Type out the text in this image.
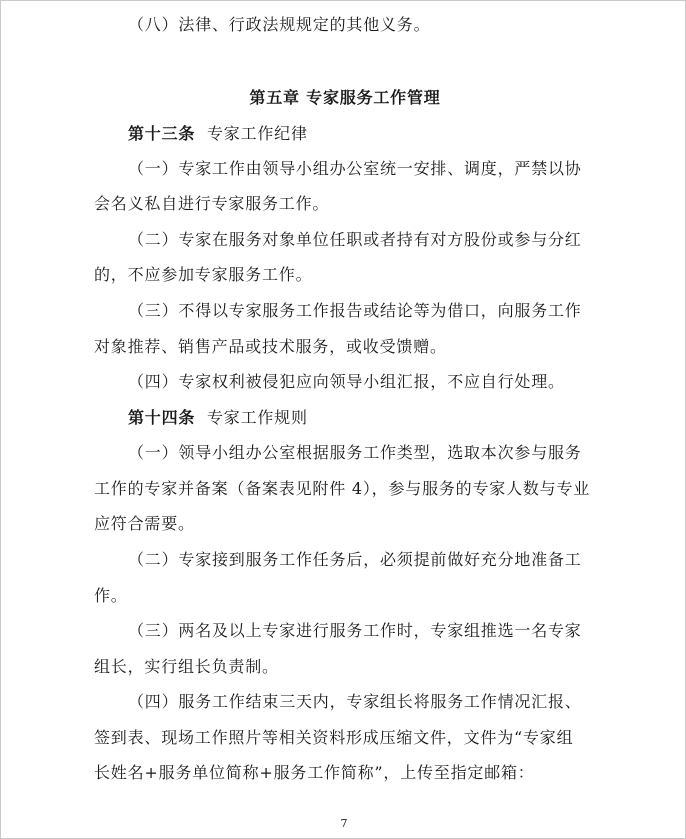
（八）法律、行政法规规定的其他义务。
第五章 专家服务工作管理
第十三条 专家工作纪律
（一）专家工作由领导小组办公室统一安排、调度，严禁以协
会名义私自进行专家服务工作。
（二）专家在服务对象单位任职或者持有对方股份或参与分红
的，不应参加专家服务工作。
（三）不得以专家服务工作报告或结论等为借口，向服务工作
对象推荐、销售产品或技术服务，或收受馈赠。
（四）专家权利被侵犯应向领导小组汇报，不应自行处理。
第十四条 专家工作规则
（一）领导小组办公室根据服务工作类型，选取本次参与服务
工作的专家并备案（备案表见附件 4），参与服务的专家人数与专业
应符合需要。
（二）专家接到服务工作任务后，必须提前做好充分地准备工
作。
（三）两名及以上专家进行服务工作时，专家组推选一名专家
组长，实行组长负责制。
（四）服务工作结束三天内，专家组长将服务工作情况汇报、
签到表、现场工作照片等相关资料形成压缩文件，文件为“专家组
长姓名+服务单位简称+服务工作简称”，上传至指定邮箱：
7
